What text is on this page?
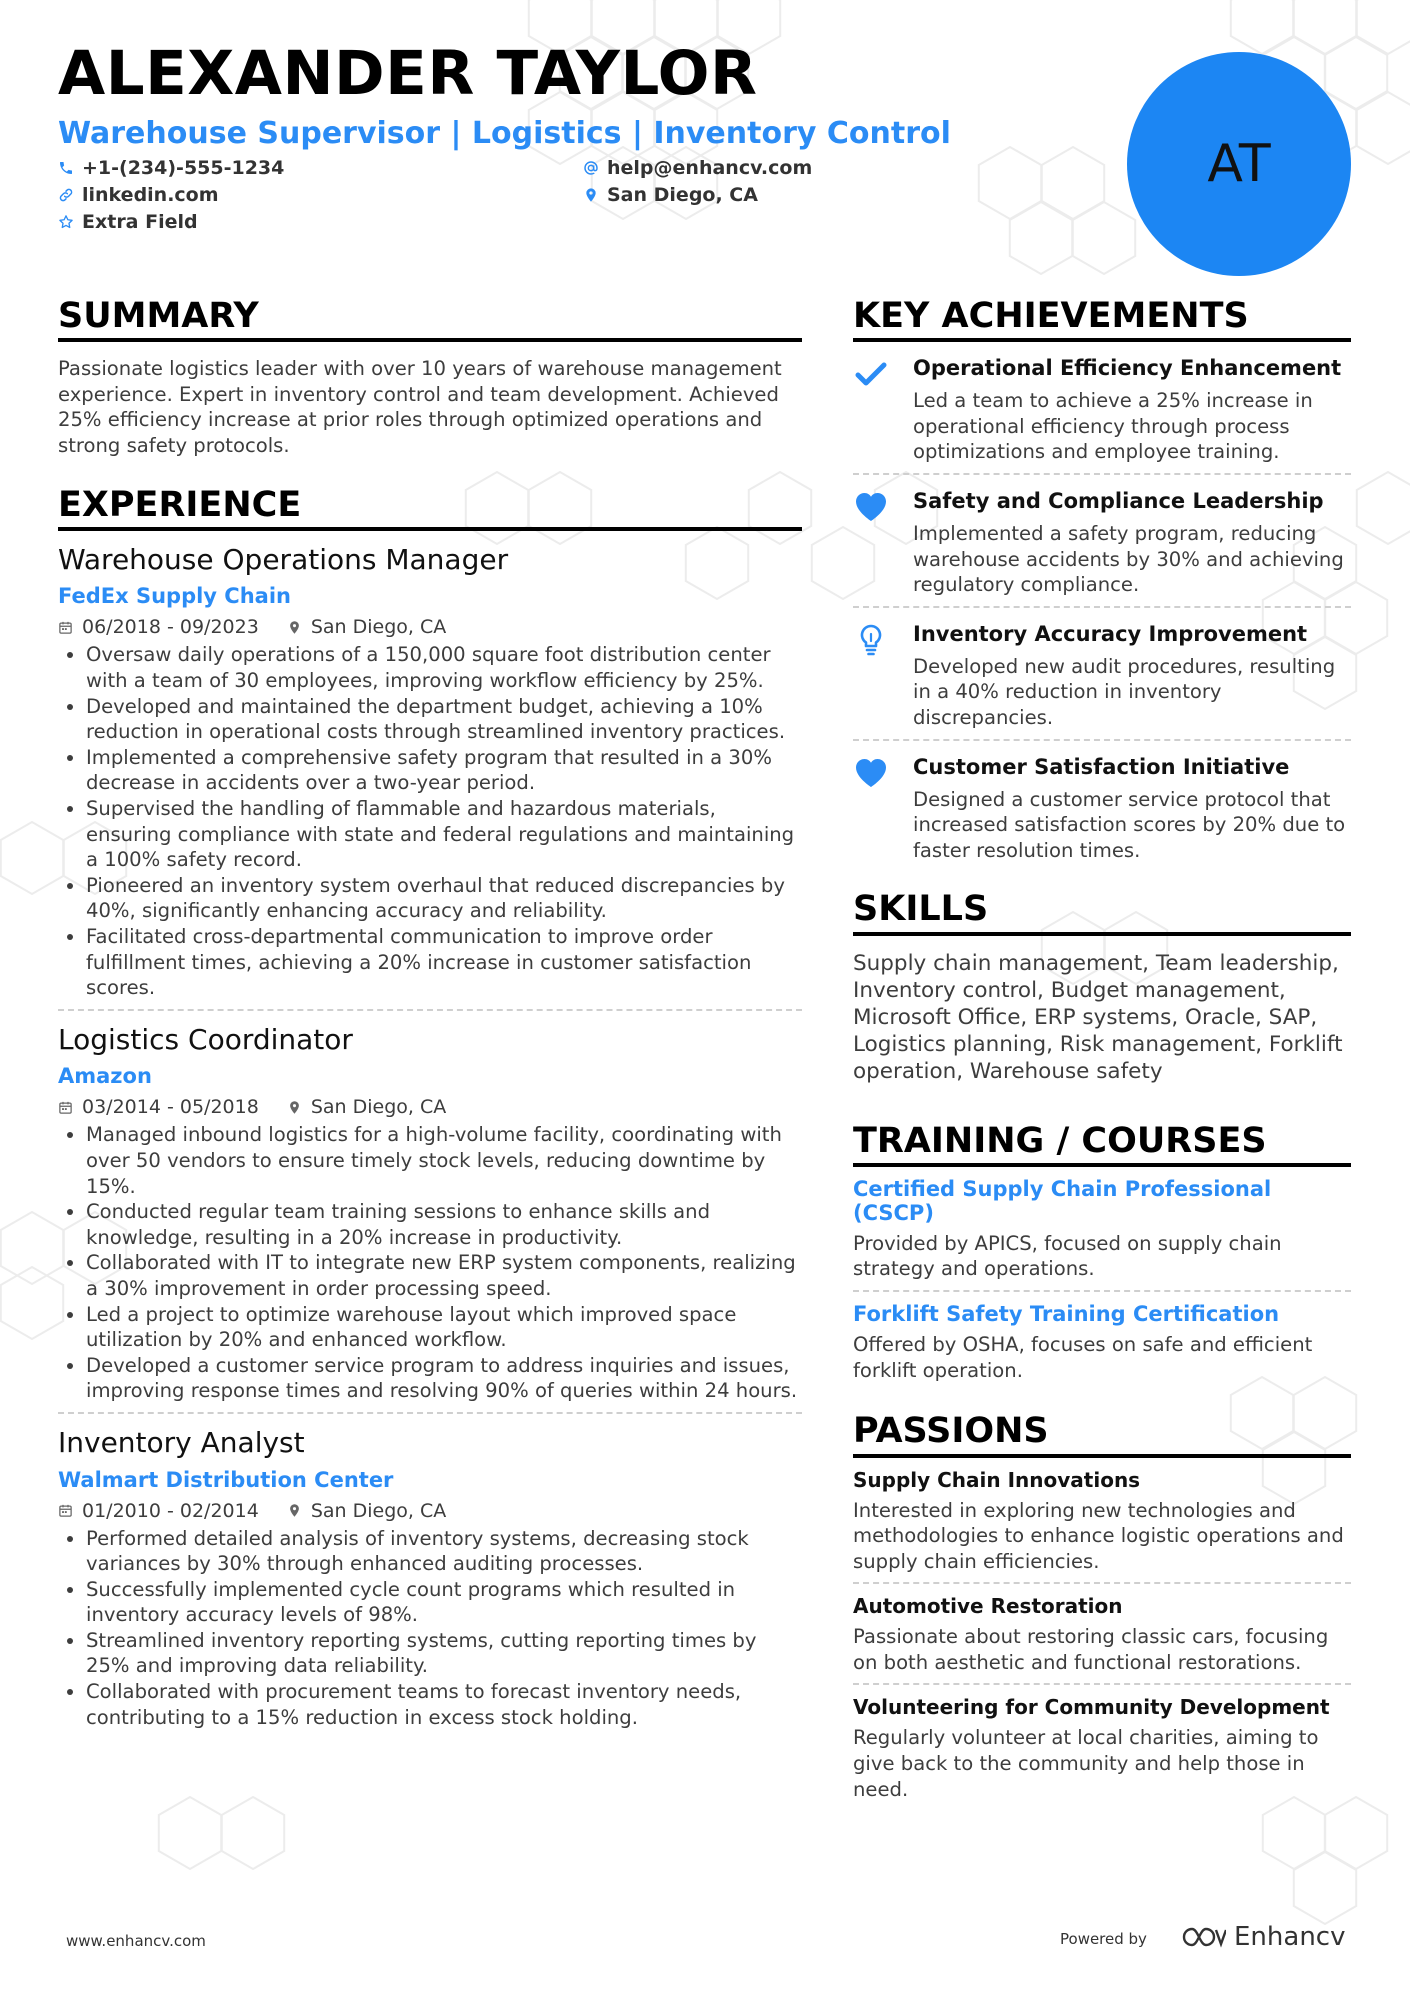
ALEXANDER TAYLOR
Warehouse Supervisor | Logistics | Inventory Control
+1-(234)-555-1234	help@enhancv.com
linkedin.com	San Diego, CA
Extra Field
AT
SUMMARY
Passionate logistics leader with over 10 years of warehouse management experience. Expert in inventory control and team development. Achieved 25% efficiency increase at prior roles through optimized operations and strong safety protocols.
EXPERIENCE
Warehouse Operations Manager
FedEx Supply Chain
06/2018 - 09/2023	San Diego, CA
• Oversaw daily operations of a 150,000 square foot distribution center with a team of 30 employees, improving workflow efficiency by 25%.
• Developed and maintained the department budget, achieving a 10% reduction in operational costs through streamlined inventory practices.
• Implemented a comprehensive safety program that resulted in a 30% decrease in accidents over a two-year period.
• Supervised the handling of flammable and hazardous materials, ensuring compliance with state and federal regulations and maintaining a 100% safety record.
• Pioneered an inventory system overhaul that reduced discrepancies by 40%, significantly enhancing accuracy and reliability.
• Facilitated cross-departmental communication to improve order fulfillment times, achieving a 20% increase in customer satisfaction scores.
Logistics Coordinator
Amazon
03/2014 - 05/2018	San Diego, CA
• Managed inbound logistics for a high-volume facility, coordinating with over 50 vendors to ensure timely stock levels, reducing downtime by 15%.
• Conducted regular team training sessions to enhance skills and knowledge, resulting in a 20% increase in productivity.
• Collaborated with IT to integrate new ERP system components, realizing a 30% improvement in order processing speed.
• Led a project to optimize warehouse layout which improved space utilization by 20% and enhanced workflow.
• Developed a customer service program to address inquiries and issues, improving response times and resolving 90% of queries within 24 hours.
Inventory Analyst
Walmart Distribution Center
01/2010 - 02/2014	San Diego, CA
• Performed detailed analysis of inventory systems, decreasing stock variances by 30% through enhanced auditing processes.
• Successfully implemented cycle count programs which resulted in inventory accuracy levels of 98%.
• Streamlined inventory reporting systems, cutting reporting times by 25% and improving data reliability.
• Collaborated with procurement teams to forecast inventory needs, contributing to a 15% reduction in excess stock holding.
KEY ACHIEVEMENTS
Operational Efficiency Enhancement
Led a team to achieve a 25% increase in operational efficiency through process optimizations and employee training.
Safety and Compliance Leadership
Implemented a safety program, reducing warehouse accidents by 30% and achieving regulatory compliance.
Inventory Accuracy Improvement
Developed new audit procedures, resulting in a 40% reduction in inventory discrepancies.
Customer Satisfaction Initiative
Designed a customer service protocol that increased satisfaction scores by 20% due to faster resolution times.
SKILLS
Supply chain management, Team leadership, Inventory control, Budget management, Microsoft Office, ERP systems, Oracle, SAP, Logistics planning, Risk management, Forklift operation, Warehouse safety
TRAINING / COURSES
Certified Supply Chain Professional (CSCP)
Provided by APICS, focused on supply chain strategy and operations.
Forklift Safety Training Certification
Offered by OSHA, focuses on safe and efficient forklift operation.
PASSIONS
Supply Chain Innovations
Interested in exploring new technologies and methodologies to enhance logistic operations and supply chain efficiencies.
Automotive Restoration
Passionate about restoring classic cars, focusing on both aesthetic and functional restorations.
Volunteering for Community Development
Regularly volunteer at local charities, aiming to give back to the community and help those in need.
www.enhancv.com	Powered by	Enhancv
